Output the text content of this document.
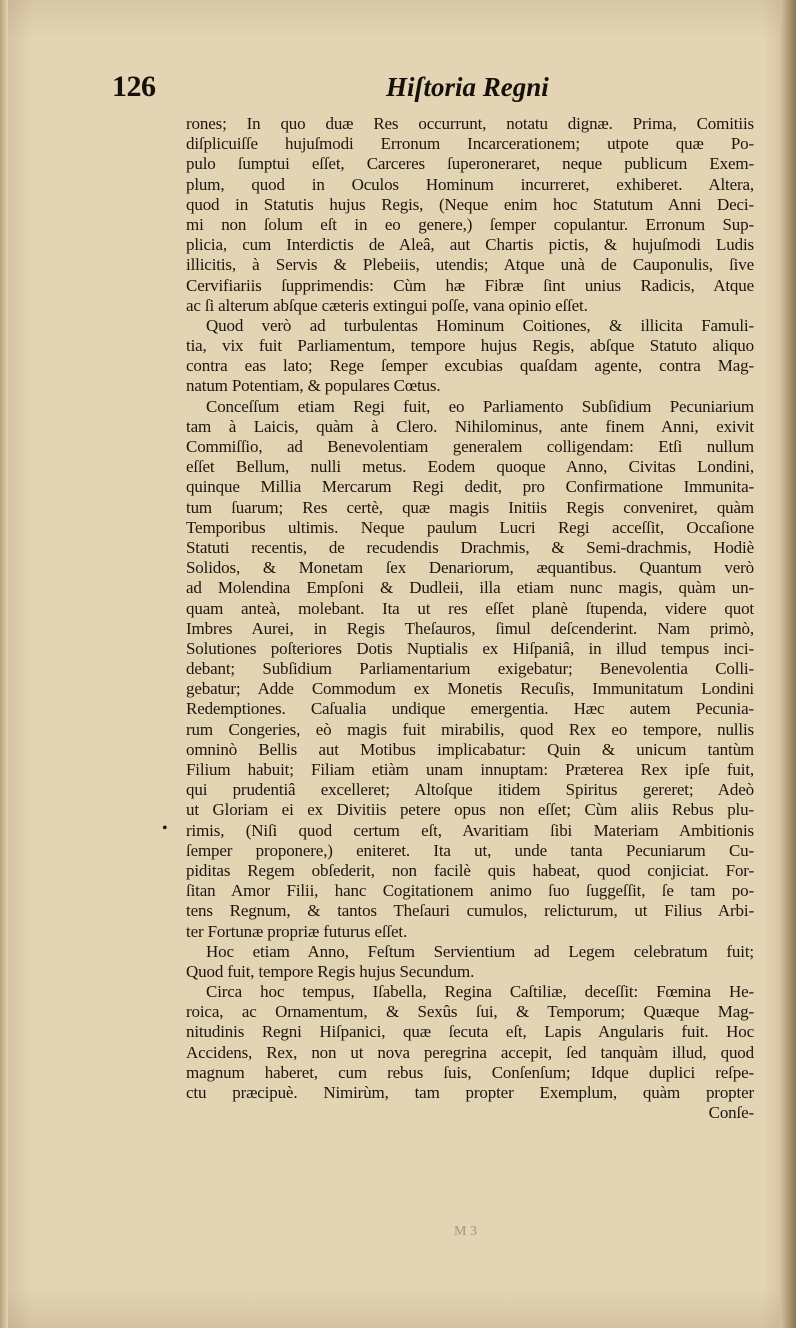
126	Hiſtoria Regni
rones; In quo duæ Res occurrunt, notatu dignæ. Prima, Comitiis
diſplicuiſſe hujuſmodi Erronum Incarcerationem; utpote quæ Po-
pulo ſumptui eſſet, Carceres ſuperoneraret, neque publicum Exem-
plum, quod in Oculos Hominum incurreret, exhiberet. Altera,
quod in Statutis hujus Regis, (Neque enim hoc Statutum Anni Deci-
mi non ſolum eſt in eo genere,) ſemper copulantur. Erronum Sup-
plicia, cum Interdictis de Aleâ, aut Chartis pictis, & hujuſmodi Ludis
illicitis, à Servis & Plebeiis, utendis; Atque unà de Cauponulis, ſive
Cervifiariis ſupprimendis: Cùm hæ Fibræ ſint unius Radicis, Atque
ac ſi alterum abſque cæteris extingui poſſe, vana opinio eſſet.
Quod verò ad turbulentas Hominum Coitiones, & illicita Famuli-
tia, vix fuit Parliamentum, tempore hujus Regis, abſque Statuto aliquo
contra eas lato; Rege ſemper excubias quaſdam agente, contra Mag-
natum Potentiam, & populares Cœtus.
Conceſſum etiam Regi fuit, eo Parliamento Subſidium Pecuniarium
tam à Laicis, quàm à Clero. Nihilominus, ante finem Anni, exivit
Commiſſio, ad Benevolentiam generalem colligendam: Etſi nullum
eſſet Bellum, nulli metus. Eodem quoque Anno, Civitas Londini,
quinque Millia Mercarum Regi dedit, pro Confirmatione Immunita-
tum ſuarum; Res certè, quæ magis Initiis Regis conveniret, quàm
Temporibus ultimis. Neque paulum Lucri Regi acceſſit, Occaſione
Statuti recentis, de recudendis Drachmis, & Semi-drachmis, Hodiè
Solidos, & Monetam ſex Denariorum, æquantibus. Quantum verò
ad Molendina Empſoni & Dudleii, illa etiam nunc magis, quàm un-
quam anteà, molebant. Ita ut res eſſet planè ſtupenda, videre quot
Imbres Aurei, in Regis Theſauros, ſimul deſcenderint. Nam primò,
Solutiones poſteriores Dotis Nuptialis ex Hiſpaniâ, in illud tempus inci-
debant; Subſidium Parliamentarium exigebatur; Benevolentia Colli-
gebatur; Adde Commodum ex Monetis Recuſis, Immunitatum Londini
Redemptiones. Caſualia undique emergentia. Hæc autem Pecunia-
rum Congeries, eò magis fuit mirabilis, quod Rex eo tempore, nullis
omninò Bellis aut Motibus implicabatur: Quin & unicum tantùm
Filium habuit; Filiam etiàm unam innuptam: Præterea Rex ipſe fuit,
qui prudentiâ excelleret; Altoſque itidem Spiritus gereret; Adeò
ut Gloriam ei ex Divitiis petere opus non eſſet; Cùm aliis Rebus plu-
rimis, (Niſi quod certum eſt, Avaritiam ſibi Materiam Ambitionis
ſemper proponere,) eniteret. Ita ut, unde tanta Pecuniarum Cu-
piditas Regem obſederit, non facilè quis habeat, quod conjiciat. For-
ſitan Amor Filii, hanc Cogitationem animo ſuo ſuggeſſit, ſe tam po-
tens Regnum, & tantos Theſauri cumulos, relicturum, ut Filius Arbi-
ter Fortunæ propriæ futurus eſſet.
Hoc etiam Anno, Feſtum Servientium ad Legem celebratum fuit;
Quod fuit, tempore Regis hujus Secundum.
Circa hoc tempus, Iſabella, Regina Caſtiliæ, deceſſit: Fœmina He-
roica, ac Ornamentum, & Sexûs ſui, & Temporum; Quæque Mag-
nitudinis Regni Hiſpanici, quæ ſecuta eſt, Lapis Angularis fuit. Hoc
Accidens, Rex, non ut nova peregrina accepit, ſed tanquàm illud, quod
magnum haberet, cum rebus ſuis, Conſenſum; Idque duplici reſpe-
ctu præcipuè. Nimirùm, tam propter Exemplum, quàm propter
Conſe-
•
M 3
